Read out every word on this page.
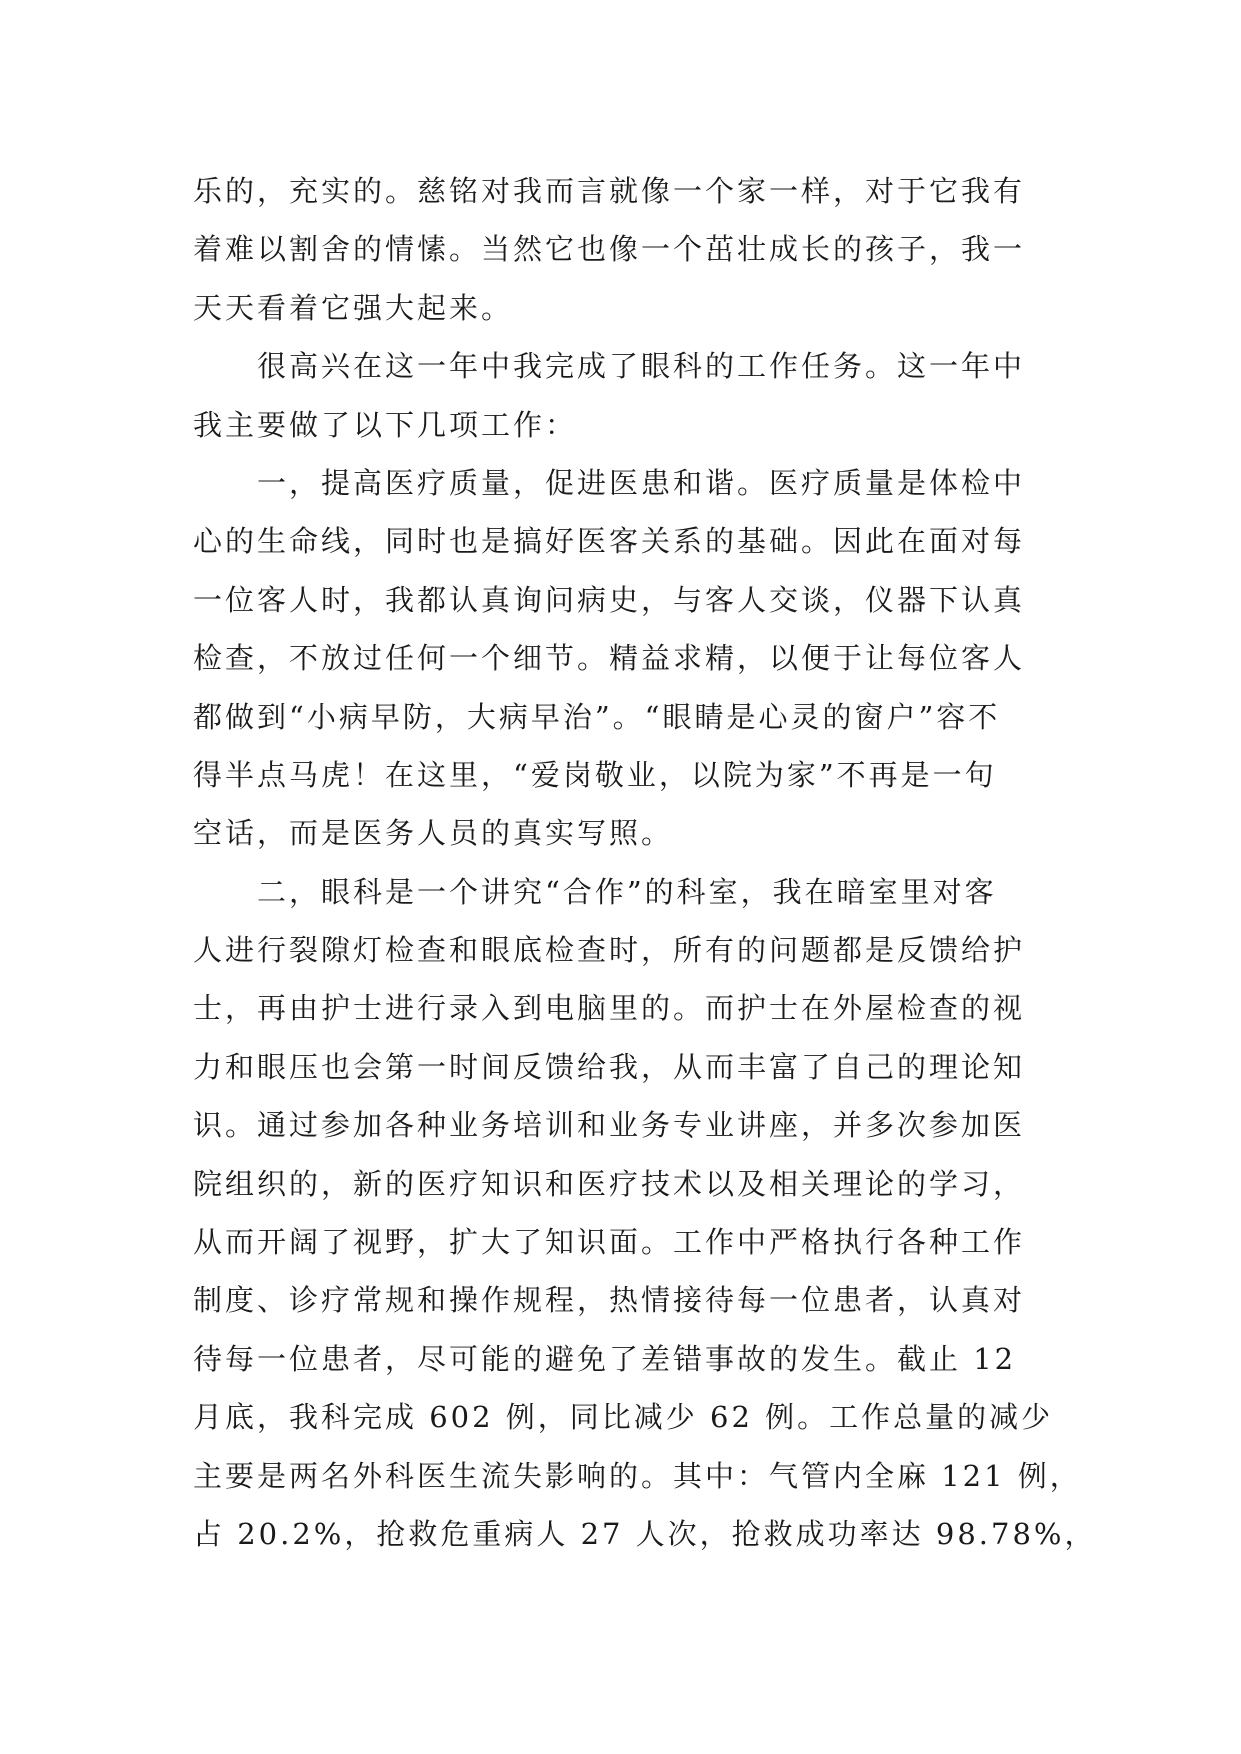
乐的，充实的。慈铭对我而言就像一个家一样，对于它我有
着难以割舍的情愫。当然它也像一个茁壮成长的孩子，我一
天天看着它强大起来。
很高兴在这一年中我完成了眼科的工作任务。这一年中
我主要做了以下几项工作：
一，提高医疗质量，促进医患和谐。医疗质量是体检中
心的生命线，同时也是搞好医客关系的基础。因此在面对每
一位客人时，我都认真询问病史，与客人交谈，仪器下认真
检查，不放过任何一个细节。精益求精，以便于让每位客人
都做到“小病早防，大病早治”。“眼睛是心灵的窗户”容不
得半点马虎！在这里，“爱岗敬业，以院为家”不再是一句
空话，而是医务人员的真实写照。
二，眼科是一个讲究“合作”的科室，我在暗室里对客
人进行裂隙灯检查和眼底检查时，所有的问题都是反馈给护
士，再由护士进行录入到电脑里的。而护士在外屋检查的视
力和眼压也会第一时间反馈给我，从而丰富了自己的理论知
识。通过参加各种业务培训和业务专业讲座，并多次参加医
院组织的，新的医疗知识和医疗技术以及相关理论的学习，
从而开阔了视野，扩大了知识面。工作中严格执行各种工作
制度、诊疗常规和操作规程，热情接待每一位患者，认真对
待每一位患者，尽可能的避免了差错事故的发生。截止 12
月底，我科完成 602 例，同比减少 62 例。工作总量的减少
主要是两名外科医生流失影响的。其中：气管内全麻 121 例，
占 20.2%，抢救危重病人 27 人次，抢救成功率达 98.78%，
